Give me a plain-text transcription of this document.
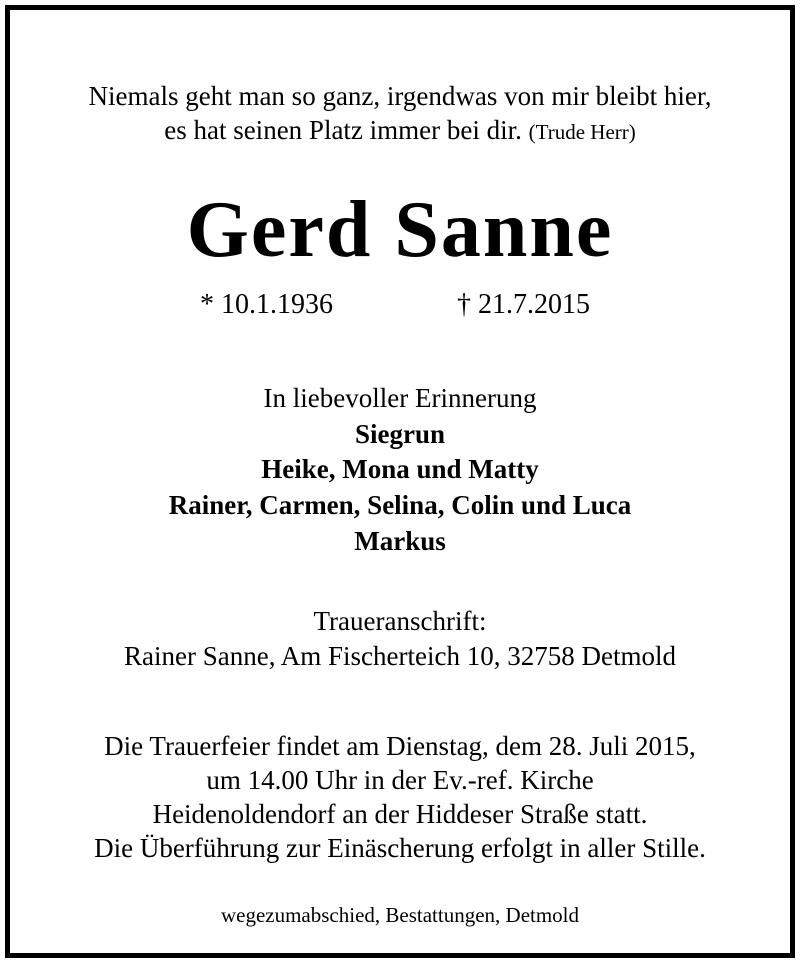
Niemals geht man so ganz, irgendwas von mir bleibt hier,
es hat seinen Platz immer bei dir. (Trude Herr)
Gerd Sanne
* 10.1.1936	† 21.7.2015
In liebevoller Erinnerung
Siegrun
Heike, Mona und Matty
Rainer, Carmen, Selina, Colin und Luca
Markus
Traueranschrift:
Rainer Sanne, Am Fischerteich 10, 32758 Detmold
Die Trauerfeier findet am Dienstag, dem 28. Juli 2015,
um 14.00 Uhr in der Ev.-ref. Kirche
Heidenoldendorf an der Hiddeser Straße statt.
Die Überführung zur Einäscherung erfolgt in aller Stille.
wegezumabschied, Bestattungen, Detmold
